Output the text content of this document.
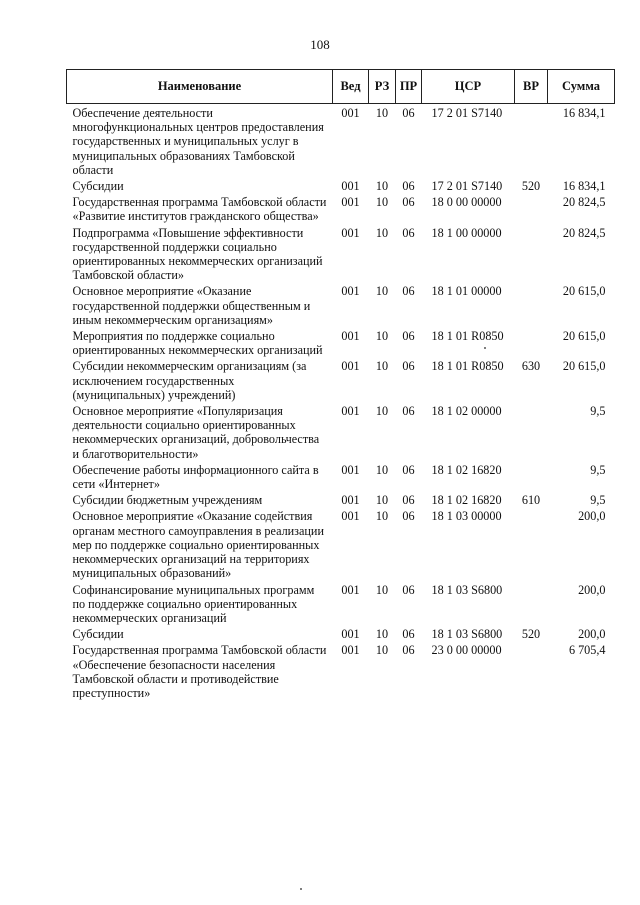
108
Наименование	Вед	РЗ	ПР	ЦСР	ВР	Сумма
Обеспечение деятельности многофункциональных центров предоставления государственных и муниципальных услуг в муниципальных образованиях Тамбовской области	001	10	06	17 2 01 S7140		16 834,1
Субсидии	001	10	06	17 2 01 S7140	520	16 834,1
Государственная программа Тамбовской области «Развитие институтов гражданского общества»	001	10	06	18 0 00 00000		20 824,5
Подпрограмма «Повышение эффективности государственной поддержки социально ориентированных некоммерческих организаций Тамбовской области»	001	10	06	18 1 00 00000		20 824,5
Основное мероприятие «Оказание государственной поддержки общественным и иным некоммерческим организациям»	001	10	06	18 1 01 00000		20 615,0
Мероприятия по поддержке социально ориентированных некоммерческих организаций	001	10	06	18 1 01 R0850		20 615,0
Субсидии некоммерческим организациям (за исключением государственных (муниципальных) учреждений)	001	10	06	18 1 01 R0850	630	20 615,0
Основное мероприятие «Популяризация деятельности социально ориентированных некоммерческих организаций, добровольчества и благотворительности»	001	10	06	18 1 02 00000		9,5
Обеспечение работы информационного сайта в сети «Интернет»	001	10	06	18 1 02 16820		9,5
Субсидии бюджетным учреждениям	001	10	06	18 1 02 16820	610	9,5
Основное мероприятие «Оказание содействия органам местного самоуправления в реализации мер по поддержке социально ориентированных некоммерческих организаций на территориях муниципальных образований»	001	10	06	18 1 03 00000		200,0
Софинансирование муниципальных программ по поддержке социально ориентированных некоммерческих организаций	001	10	06	18 1 03 S6800		200,0
Субсидии	001	10	06	18 1 03 S6800	520	200,0
Государственная программа Тамбовской области «Обеспечение безопасности населения Тамбовской области и противодействие преступности»	001	10	06	23 0 00 00000		6 705,4
